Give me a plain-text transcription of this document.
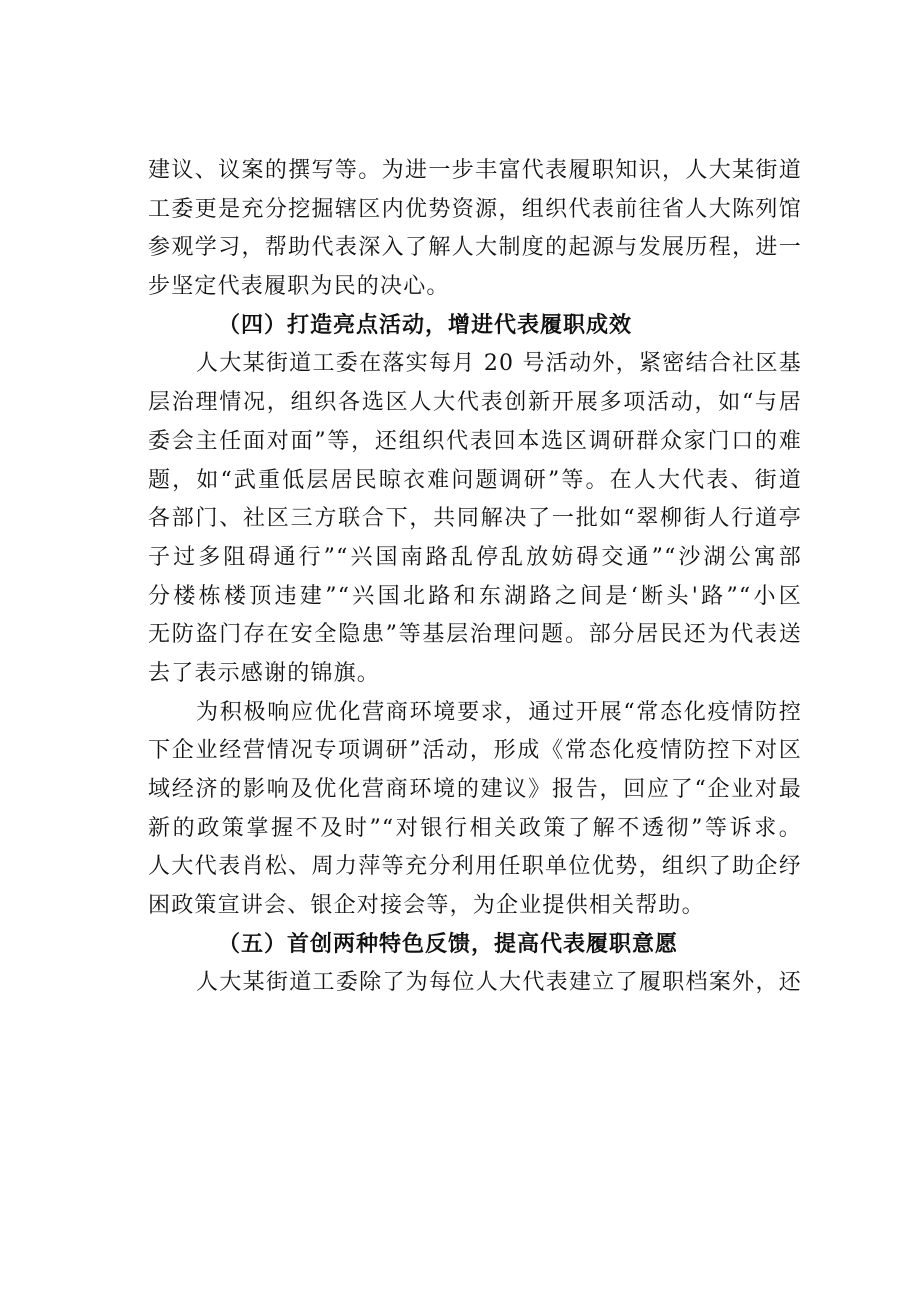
建议、议案的撰写等。为进一步丰富代表履职知识，人大某街道
工委更是充分挖掘辖区内优势资源，组织代表前往省人大陈列馆
参观学习，帮助代表深入了解人大制度的起源与发展历程，进一
步坚定代表履职为民的决心。
（四）打造亮点活动，增进代表履职成效
人大某街道工委在落实每月 20 号活动外，紧密结合社区基
层治理情况，组织各选区人大代表创新开展多项活动，如“与居
委会主任面对面”等，还组织代表回本选区调研群众家门口的难
题，如“武重低层居民晾衣难问题调研”等。在人大代表、街道
各部门、社区三方联合下，共同解决了一批如“翠柳街人行道亭
子过多阻碍通行”“兴国南路乱停乱放妨碍交通”“沙湖公寓部
分楼栋楼顶违建”“兴国北路和东湖路之间是‘断头'路”“小区
无防盗门存在安全隐患”等基层治理问题。部分居民还为代表送
去了表示感谢的锦旗。
为积极响应优化营商环境要求，通过开展“常态化疫情防控
下企业经营情况专项调研”活动，形成《常态化疫情防控下对区
域经济的影响及优化营商环境的建议》报告，回应了“企业对最
新的政策掌握不及时”“对银行相关政策了解不透彻”等诉求。
人大代表肖松、周力萍等充分利用任职单位优势，组织了助企纾
困政策宣讲会、银企对接会等，为企业提供相关帮助。
（五）首创两种特色反馈，提高代表履职意愿
人大某街道工委除了为每位人大代表建立了履职档案外，还
